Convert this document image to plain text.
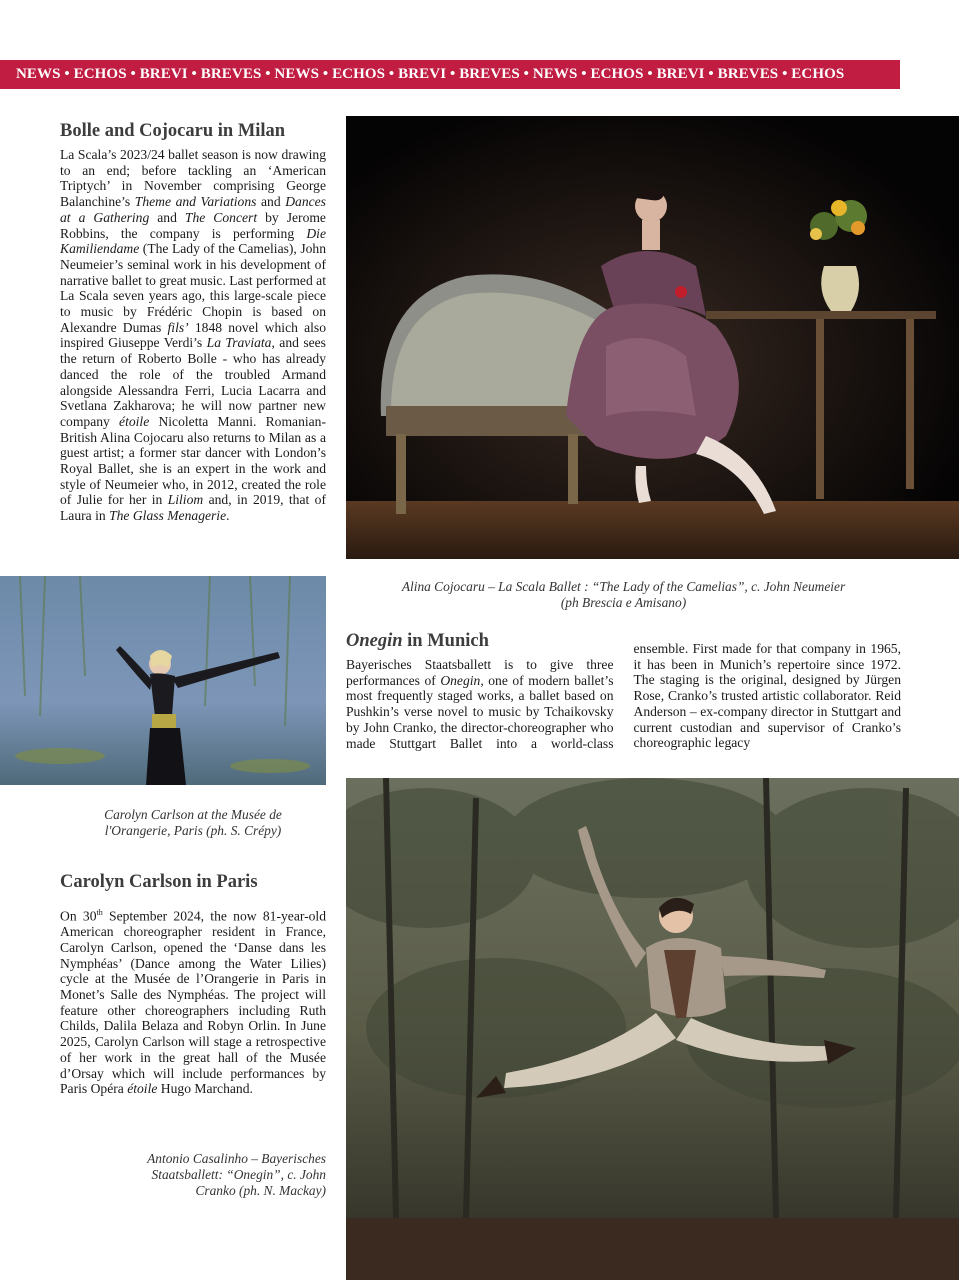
NEWS • ECHOS • BREVI • BREVES • NEWS • ECHOS • BREVI • BREVES • NEWS • ECHOS • BREVI • BREVES • ECHOS
Bolle and Cojocaru in Milan

La Scala’s 2023/24 ballet season is now drawing to an end; before tackling an ‘American Triptych’ in November comprising George Balanchine’s Theme and Variations and Dances at a Gathering and The Concert by Jerome Robbins, the company is performing Die Kamiliendame (The Lady of the Camelias), John Neumeier’s seminal work in his development of narrative ballet to great music. Last performed at La Scala seven years ago, this large-scale piece to music by Frédéric Chopin is based on Alexandre Dumas fils’ 1848 novel which also inspired Giuseppe Verdi’s La Traviata, and sees the return of Roberto Bolle - who has already danced the role of the troubled Armand alongside Alessandra Ferri, Lucia Lacarra and Svetlana Zakharova; he will now partner new company étoile Nicoletta Manni. Romanian-British Alina Cojocaru also returns to Milan as a guest artist; a former star dancer with London’s Royal Ballet, she is an expert in the work and style of Neumeier who, in 2012, created the role of Julie for her in Liliom and, in 2019, that of Laura in The Glass Menagerie.

Alina Cojocaru – La Scala Ballet : “The Lady of the Camelias”, c. John Neumeier
(ph Brescia e Amisano)
Carolyn Carlson at the Musée de
l'Orangerie, Paris (ph. S. Crépy)
Onegin in Munich

Bayerisches Staatsballett is to give three performances of Onegin, one of modern ballet’s most frequently staged works, a ballet based on Pushkin’s verse novel to music by Tchaikovsky by John Cranko, the director-choreographer who made Stuttgart Ballet into a world-class ensemble. First made for that company in 1965, it has been in Munich’s repertoire since 1972. The staging is the original, designed by Jürgen Rose, Cranko’s trusted artistic collaborator. Reid Anderson – ex-company director in Stuttgart and current custodian and supervisor of Cranko’s choreographic legacy

Carolyn Carlson in Paris

On 30th September 2024, the now 81-year-old American choreographer resident in France, Carolyn Carlson, opened the ‘Danse dans les Nymphéas’ (Dance among the Water Lilies) cycle at the Musée de l’Orangerie in Paris in Monet’s Salle des Nymphéas. The project will feature other choreographers including Ruth Childs, Dalila Belaza and Robyn Orlin. In June 2025, Carolyn Carlson will stage a retrospective of her work in the great hall of the Musée d’Orsay which will include performances by Paris Opéra étoile Hugo Marchand.

Antonio Casalinho – Bayerisches
Staatsballett: “Onegin”, c. John
Cranko (ph. N. Mackay)
